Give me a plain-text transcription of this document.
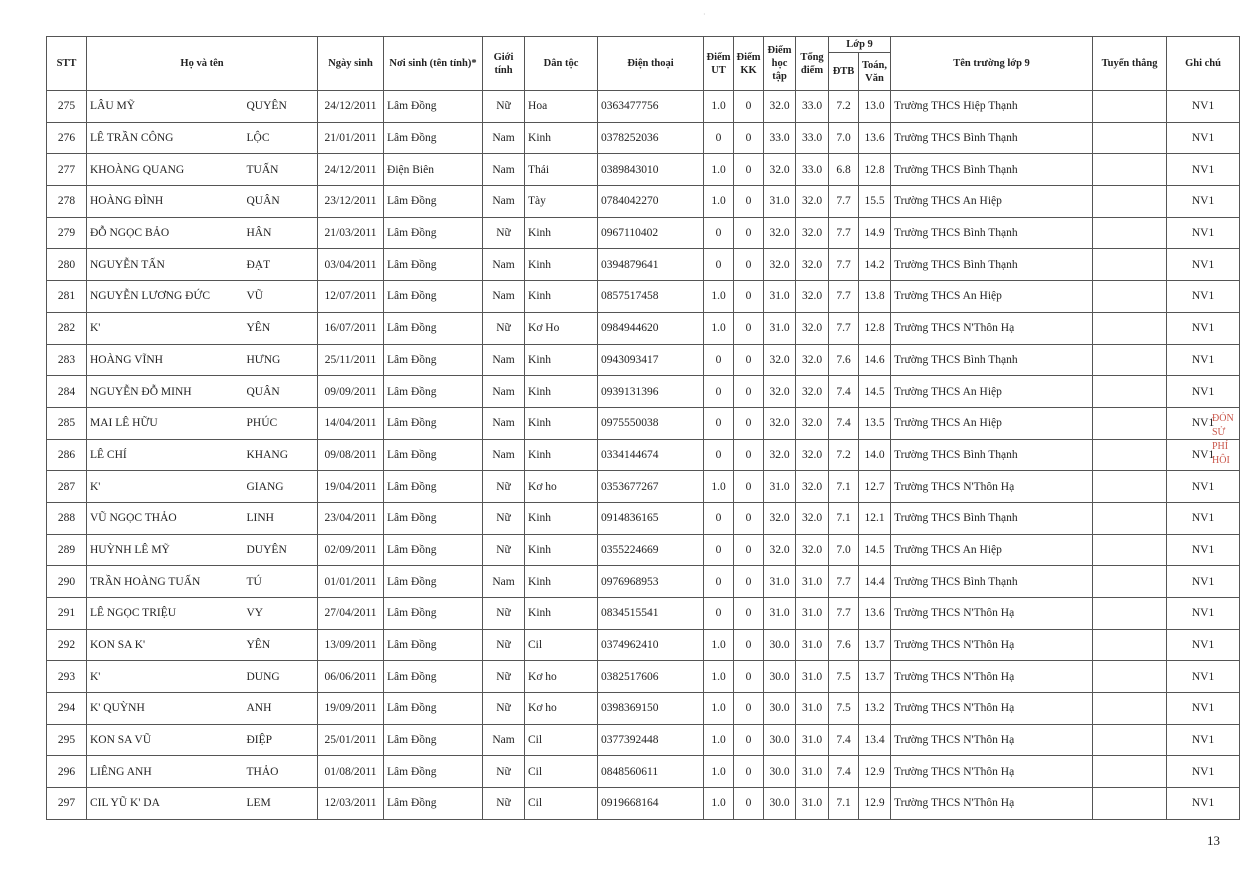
·
STT	Họ và tên		Ngày sinh	Nơi sinh (tên tỉnh)*	Giới tính	Dân tộc	Điện thoại	Điểm UT	Điểm KK	Điểm học tập	Tổng điểm	Lớp 9		Tên trường lớp 9	Tuyển thẳng	Ghi chú
												ĐTB	Toán, Văn			
275	LÂU MỸ	QUYÊN	24/12/2011	Lâm Đồng	Nữ	Hoa	0363477756	1.0	0	32.0	33.0	7.2	13.0	Trường THCS Hiệp Thạnh		NV1
276	LÊ TRẦN CÔNG	LỘC	21/01/2011	Lâm Đồng	Nam	Kinh	0378252036	0	0	33.0	33.0	7.0	13.6	Trường THCS Bình Thạnh		NV1
277	KHOÀNG QUANG	TUẤN	24/12/2011	Điện Biên	Nam	Thái	0389843010	1.0	0	32.0	33.0	6.8	12.8	Trường THCS Bình Thạnh		NV1
278	HOÀNG ĐÌNH	QUÂN	23/12/2011	Lâm Đồng	Nam	Tày	0784042270	1.0	0	31.0	32.0	7.7	15.5	Trường THCS An Hiệp		NV1
279	ĐỖ NGỌC BẢO	HÂN	21/03/2011	Lâm Đồng	Nữ	Kinh	0967110402	0	0	32.0	32.0	7.7	14.9	Trường THCS Bình Thạnh		NV1
280	NGUYỄN TẤN	ĐẠT	03/04/2011	Lâm Đồng	Nam	Kinh	0394879641	0	0	32.0	32.0	7.7	14.2	Trường THCS Bình Thạnh		NV1
281	NGUYỄN LƯƠNG ĐỨC	VŨ	12/07/2011	Lâm Đồng	Nam	Kinh	0857517458	1.0	0	31.0	32.0	7.7	13.8	Trường THCS An Hiệp		NV1
282	K'	YÊN	16/07/2011	Lâm Đồng	Nữ	Kơ Ho	0984944620	1.0	0	31.0	32.0	7.7	12.8	Trường THCS N'Thôn Hạ		NV1
283	HOÀNG VĨNH	HƯNG	25/11/2011	Lâm Đồng	Nam	Kinh	0943093417	0	0	32.0	32.0	7.6	14.6	Trường THCS Bình Thạnh		NV1
284	NGUYỄN ĐỖ MINH	QUÂN	09/09/2011	Lâm Đồng	Nam	Kinh	0939131396	0	0	32.0	32.0	7.4	14.5	Trường THCS An Hiệp		NV1
285	MAI LÊ HỮU	PHÚC	14/04/2011	Lâm Đồng	Nam	Kinh	0975550038	0	0	32.0	32.0	7.4	13.5	Trường THCS An Hiệp		NV1
286	LÊ CHÍ	KHANG	09/08/2011	Lâm Đồng	Nam	Kinh	0334144674	0	0	32.0	32.0	7.2	14.0	Trường THCS Bình Thạnh		NV1
287	K'	GIANG	19/04/2011	Lâm Đồng	Nữ	Kơ ho	0353677267	1.0	0	31.0	32.0	7.1	12.7	Trường THCS N'Thôn Hạ		NV1
288	VŨ NGỌC THẢO	LINH	23/04/2011	Lâm Đồng	Nữ	Kinh	0914836165	0	0	32.0	32.0	7.1	12.1	Trường THCS Bình Thạnh		NV1
289	HUỲNH LÊ MỸ	DUYÊN	02/09/2011	Lâm Đồng	Nữ	Kinh	0355224669	0	0	32.0	32.0	7.0	14.5	Trường THCS An Hiệp		NV1
290	TRẦN HOÀNG TUẤN	TÚ	01/01/2011	Lâm Đồng	Nam	Kinh	0976968953	0	0	31.0	31.0	7.7	14.4	Trường THCS Bình Thạnh		NV1
291	LÊ NGỌC TRIỆU	VY	27/04/2011	Lâm Đồng	Nữ	Kinh	0834515541	0	0	31.0	31.0	7.7	13.6	Trường THCS N'Thôn Hạ		NV1
292	KON SA K'	YÊN	13/09/2011	Lâm Đồng	Nữ	Cil	0374962410	1.0	0	30.0	31.0	7.6	13.7	Trường THCS N'Thôn Hạ		NV1
293	K'	DUNG	06/06/2011	Lâm Đồng	Nữ	Kơ ho	0382517606	1.0	0	30.0	31.0	7.5	13.7	Trường THCS N'Thôn Hạ		NV1
294	K' QUỲNH	ANH	19/09/2011	Lâm Đồng	Nữ	Kơ ho	0398369150	1.0	0	30.0	31.0	7.5	13.2	Trường THCS N'Thôn Hạ		NV1
295	KON SA VŨ	ĐIỆP	25/01/2011	Lâm Đồng	Nam	Cil	0377392448	1.0	0	30.0	31.0	7.4	13.4	Trường THCS N'Thôn Hạ		NV1
296	LIÊNG ANH	THẢO	01/08/2011	Lâm Đồng	Nữ	Cil	0848560611	1.0	0	30.0	31.0	7.4	12.9	Trường THCS N'Thôn Hạ		NV1
297	CIL YŨ K' DA	LEM	12/03/2011	Lâm Đồng	Nữ	Cil	0919668164	1.0	0	30.0	31.0	7.1	12.9	Trường THCS N'Thôn Hạ		NV1
13
ĐÓN
SỬ PHÍ
HÔI
